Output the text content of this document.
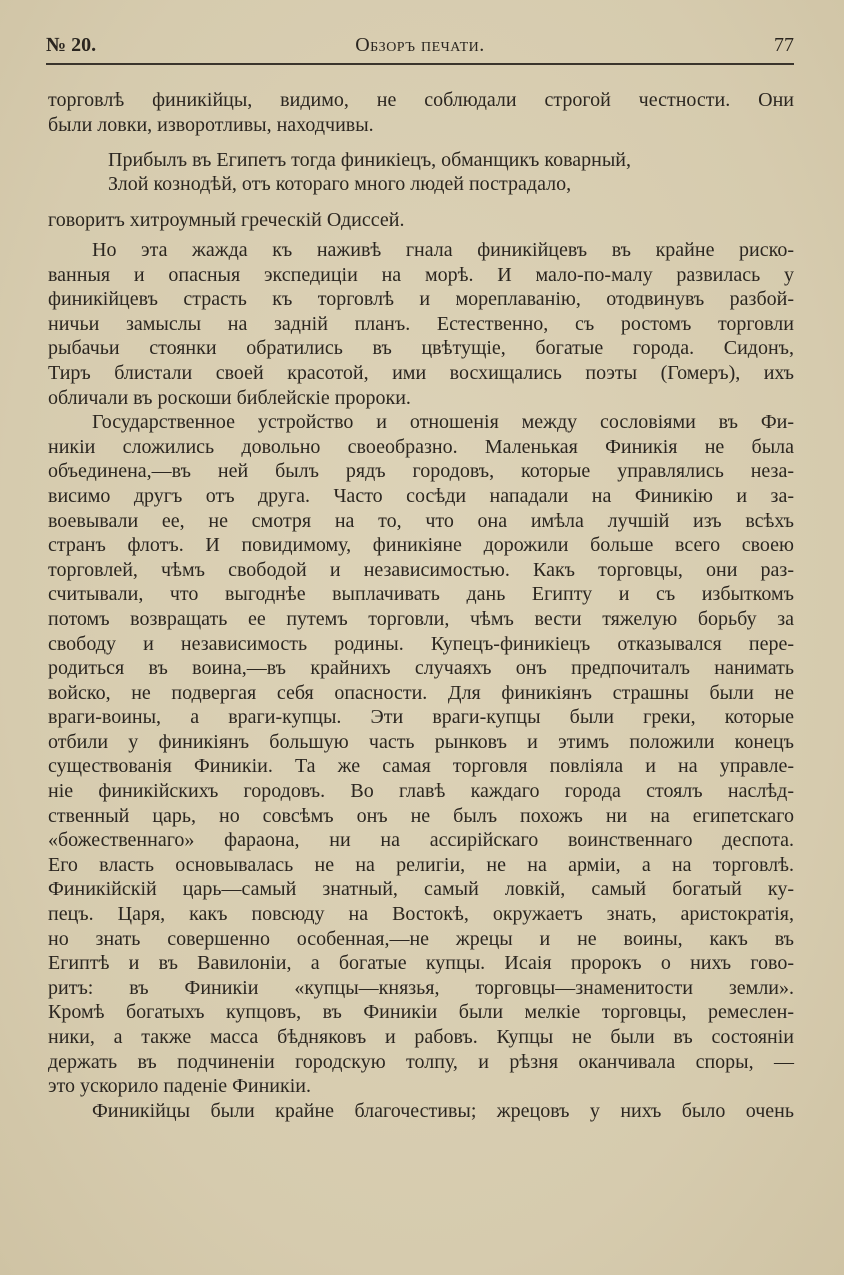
№ 20.	Обзоръ печати.	77
торговлѣ финикiйцы, видимо, не соблюдали строгой честности. Они
были ловки, изворотливы, находчивы.
Прибылъ въ Египетъ тогда финикiецъ, обманщикъ коварный,
Злой кознодѣй, отъ котораго много людей пострадало,
говоритъ хитроумный греческiй Одиссей.
Но эта жажда къ наживѣ гнала финикiйцевъ въ крайне риско-
ванныя и опасныя экспедицiи на морѣ. И мало-по-малу развилась у
финикiйцевъ страсть къ торговлѣ и мореплаванiю, отодвинувъ разбой-
ничьи замыслы на заднiй планъ. Естественно, съ ростомъ торговли
рыбачьи стоянки обратились въ цвѣтущiе, богатые города. Сидонъ,
Тиръ блистали своей красотой, ими восхищались поэты (Гомеръ), ихъ
обличали въ роскоши библейскiе пророки.
Государственное устройство и отношенiя между сословiями въ Фи-
никiи сложились довольно своеобразно. Маленькая Финикiя не была
объединена,—въ ней былъ рядъ городовъ, которые управлялись неза-
висимо другъ отъ друга. Часто сосѣди нападали на Финикiю и за-
воевывали ее, не смотря на то, что она имѣла лучшiй изъ всѣхъ
странъ флотъ. И повидимому, финикiяне дорожили больше всего своею
торговлей, чѣмъ свободой и независимостью. Какъ торговцы, они раз-
считывали, что выгоднѣе выплачивать дань Египту и съ избыткомъ
потомъ возвращать ее путемъ торговли, чѣмъ вести тяжелую борьбу за
свободу и независимость родины. Купецъ-финикiецъ отказывался пере-
родиться въ воина,—въ крайнихъ случаяхъ онъ предпочиталъ нанимать
войско, не подвергая себя опасности. Для финикiянъ страшны были не
враги-воины, а враги-купцы. Эти враги-купцы были греки, которые
отбили у финикiянъ большую часть рынковъ и этимъ положили конецъ
существованiя Финикiи. Та же самая торговля повлiяла и на управле-
нiе финикiйскихъ городовъ. Во главѣ каждаго города стоялъ наслѣд-
ственный царь, но совсѣмъ онъ не былъ похожъ ни на египетскаго
«божественнаго» фараона, ни на ассирiйскаго воинственнаго деспота.
Его власть основывалась не на религiи, не на армiи, а на торговлѣ.
Финикiйскiй царь—самый знатный, самый ловкiй, самый богатый ку-
пецъ. Царя, какъ повсюду на Востокѣ, окружаетъ знать, аристократiя,
но знать совершенно особенная,—не жрецы и не воины, какъ въ
Египтѣ и въ Вавилонiи, а богатые купцы. Исаiя пророкъ о нихъ гово-
ритъ: въ Финикiи «купцы—князья, торговцы—знаменитости земли».
Кромѣ богатыхъ купцовъ, въ Финикiи были мелкiе торговцы, ремеслен-
ники, а также масса бѣдняковъ и рабовъ. Купцы не были въ состоянiи
держать въ подчиненiи городскую толпу, и рѣзня оканчивала споры, —
это ускорило паденiе Финикiи.
Финикiйцы были крайне благочестивы; жрецовъ у нихъ было очень
